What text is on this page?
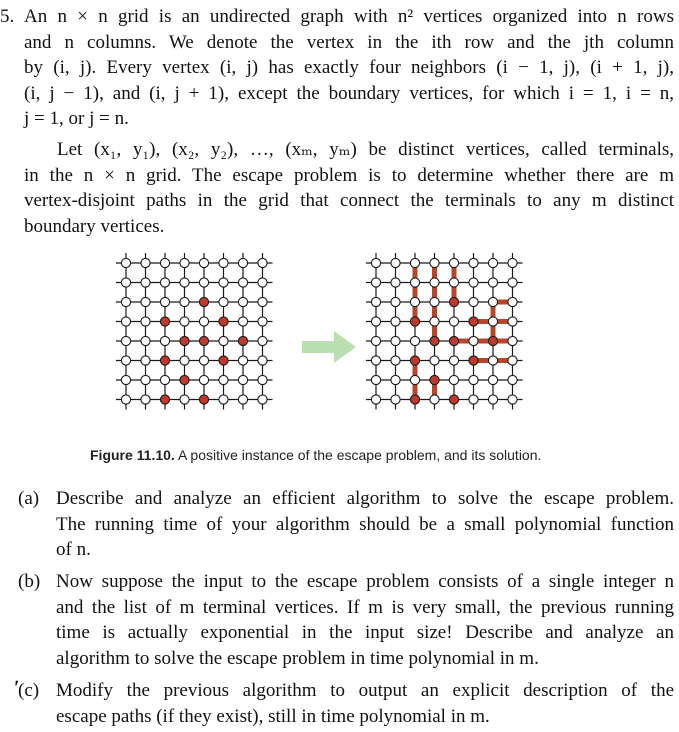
5. An n × n grid is an undirected graph with n² vertices organized into n rows
and n columns. We denote the vertex in the ith row and the jth column
by (i, j). Every vertex (i, j) has exactly four neighbors (i − 1, j), (i + 1, j),
(i, j − 1), and (i, j + 1), except the boundary vertices, for which i = 1, i = n,
j = 1, or j = n.
Let (x₁, y₁), (x₂, y₂), …, (xₘ, yₘ) be distinct vertices, called terminals,
in the n × n grid. The escape problem is to determine whether there are m
vertex-disjoint paths in the grid that connect the terminals to any m distinct
boundary vertices.
Figure 11.10. A positive instance of the escape problem, and its solution.
(a) Describe and analyze an efficient algorithm to solve the escape problem.
The running time of your algorithm should be a small polynomial function
of n.
(b) Now suppose the input to the escape problem consists of a single integer n
and the list of m terminal vertices. If m is very small, the previous running
time is actually exponential in the input size! Describe and analyze an
algorithm to solve the escape problem in time polynomial in m.
ʹ
(c) Modify the previous algorithm to output an explicit description of the
escape paths (if they exist), still in time polynomial in m.
